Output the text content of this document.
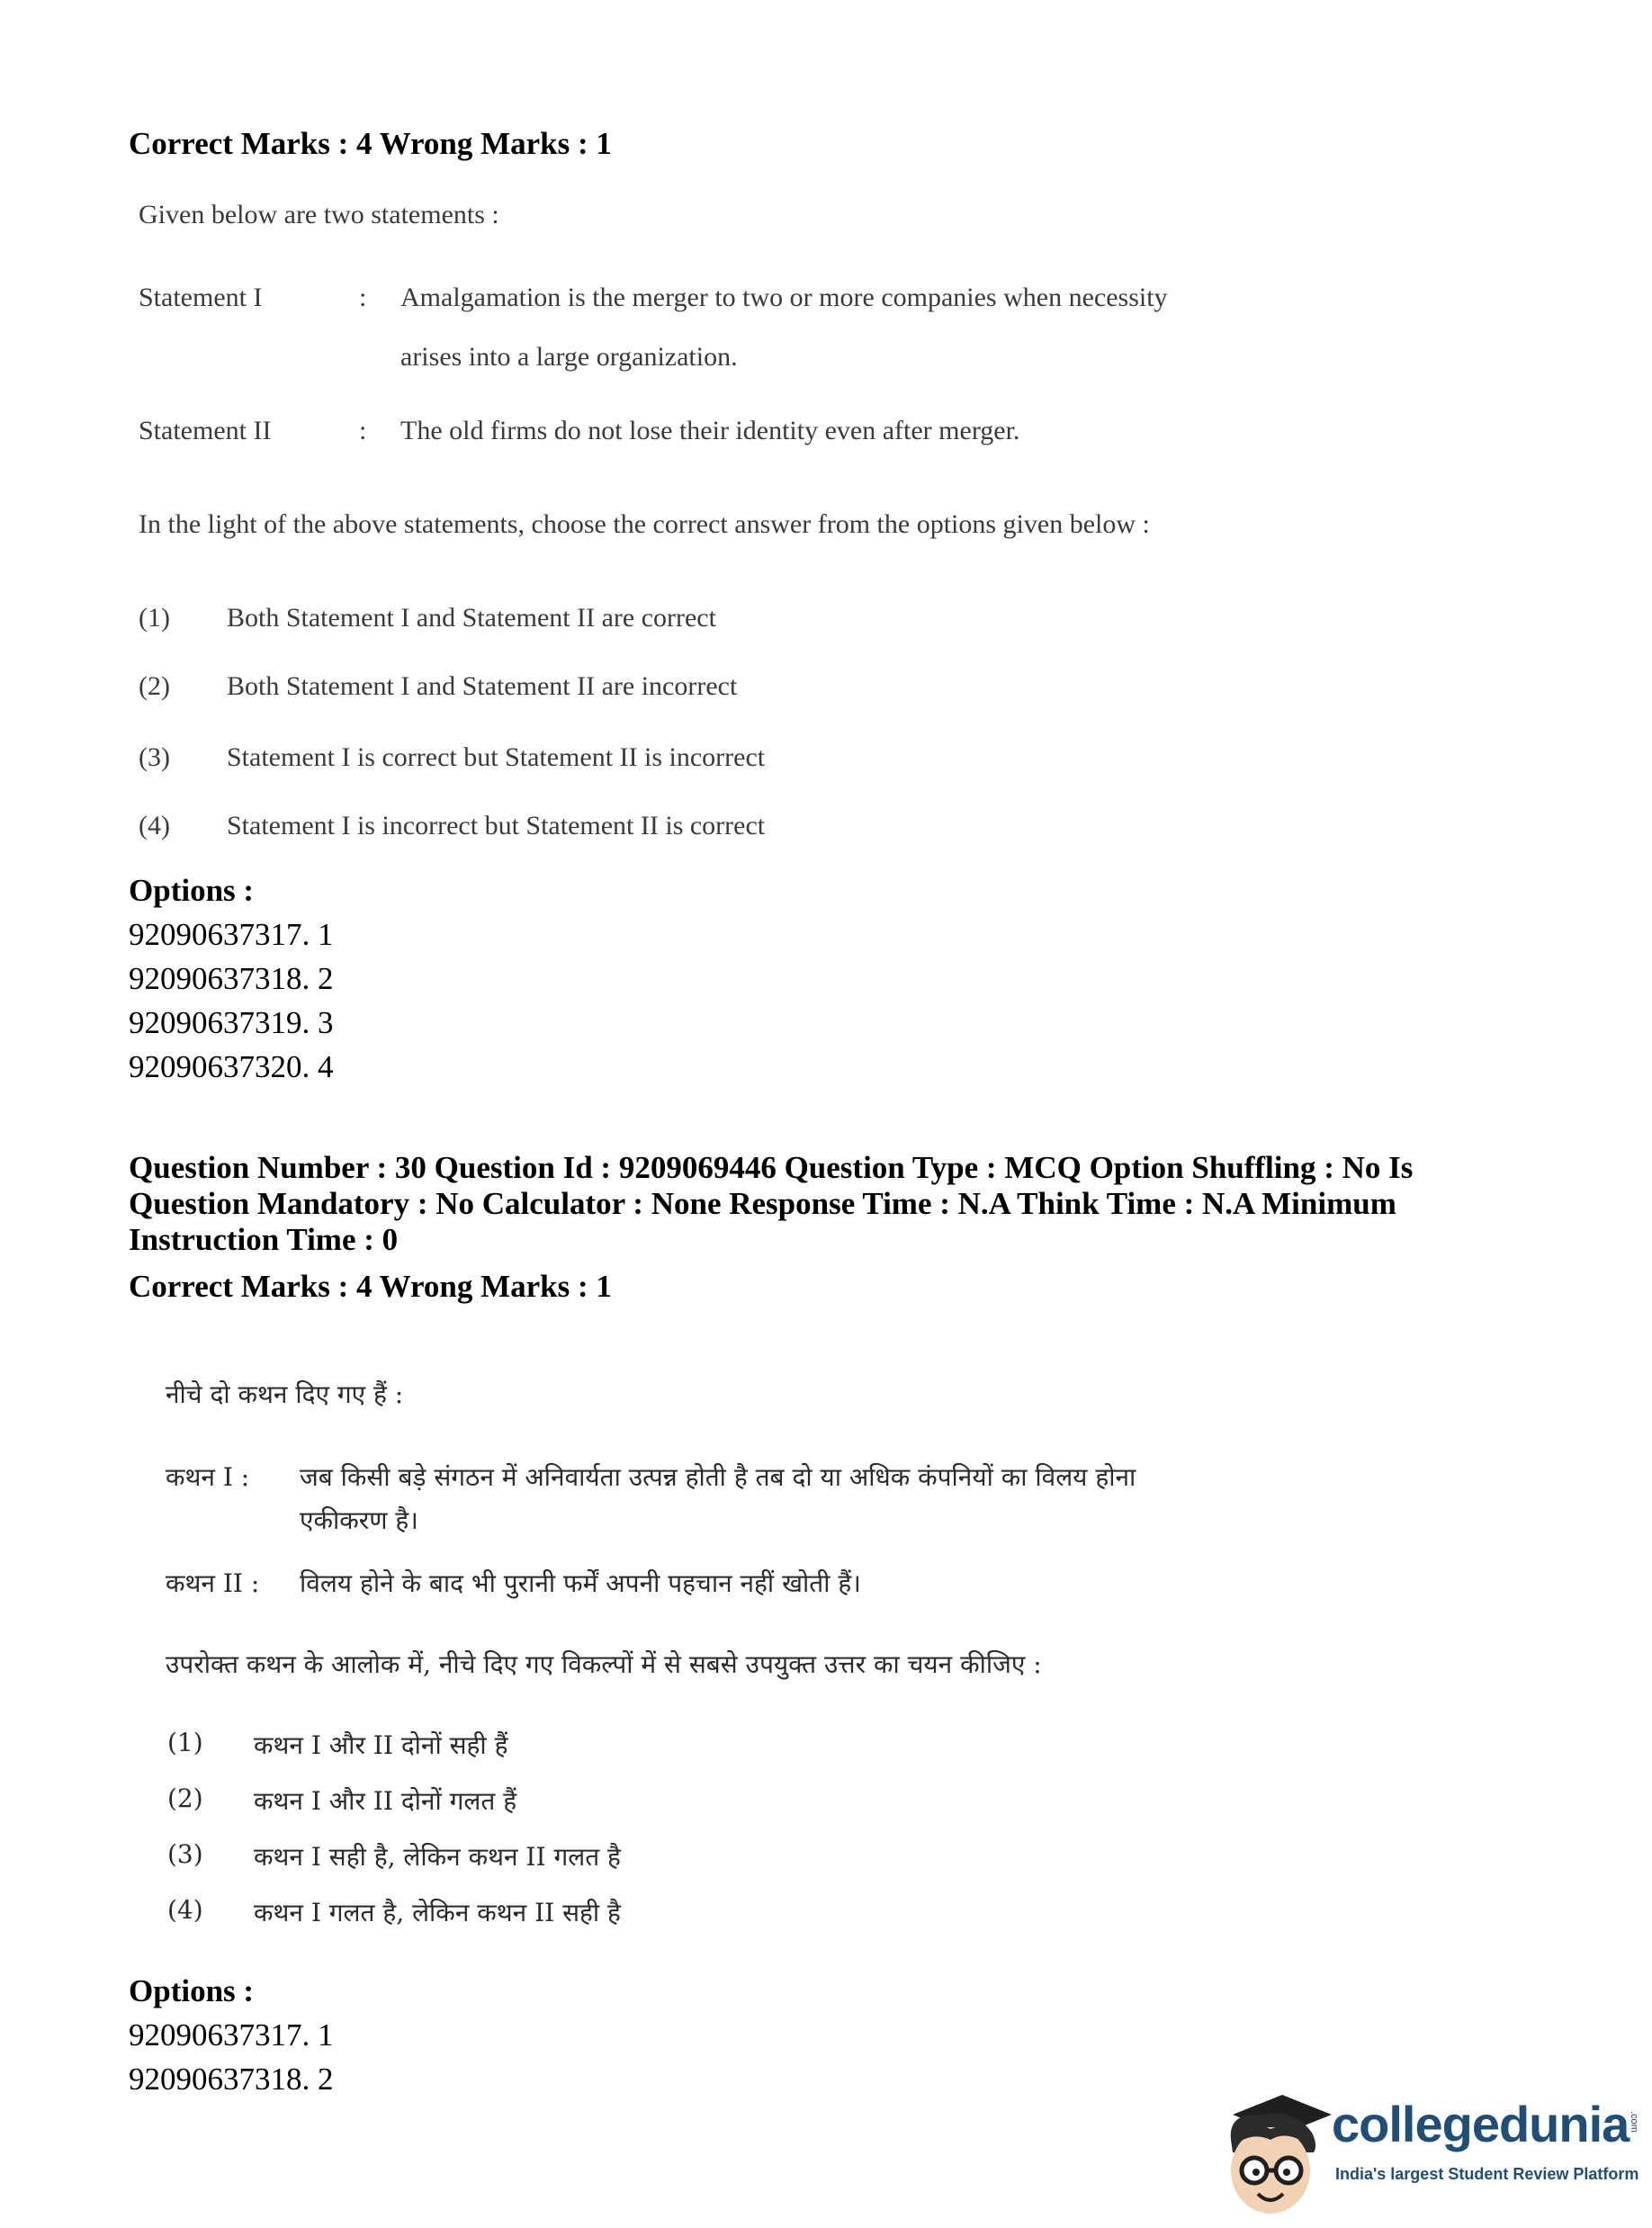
Correct Marks : 4 Wrong Marks : 1
Given below are two statements :
Statement I	: Amalgamation is the merger to two or more companies when necessity
arises into a large organization.
Statement II	: The old firms do not lose their identity even after merger.
In the light of the above statements, choose the correct answer from the options given below :
(1) Both Statement I and Statement II are correct
(2) Both Statement I and Statement II are incorrect
(3) Statement I is correct but Statement II is incorrect
(4) Statement I is incorrect but Statement II is correct
Options :
92090637317. 1
92090637318. 2
92090637319. 3
92090637320. 4
Question Number : 30 Question Id : 9209069446 Question Type : MCQ Option Shuffling : No Is Question Mandatory : No Calculator : None Response Time : N.A Think Time : N.A Minimum Instruction Time : 0
Correct Marks : 4 Wrong Marks : 1
नीचे दो कथन दिए गए हैं :
कथन I : जब किसी बड़े संगठन में अनिवार्यता उत्पन्न होती है तब दो या अधिक कंपनियों का विलय होना
एकीकरण है।
कथन II : विलय होने के बाद भी पुरानी फर्में अपनी पहचान नहीं खोती हैं।
उपरोक्त कथन के आलोक में, नीचे दिए गए विकल्पों में से सबसे उपयुक्त उत्तर का चयन कीजिए :
(1) कथन I और II दोनों सही हैं
(2) कथन I और II दोनों गलत हैं
(3) कथन I सही है, लेकिन कथन II गलत है
(4) कथन I गलत है, लेकिन कथन II सही है
Options :
92090637317. 1
92090637318. 2
collegedunia .com
India's largest Student Review Platform
